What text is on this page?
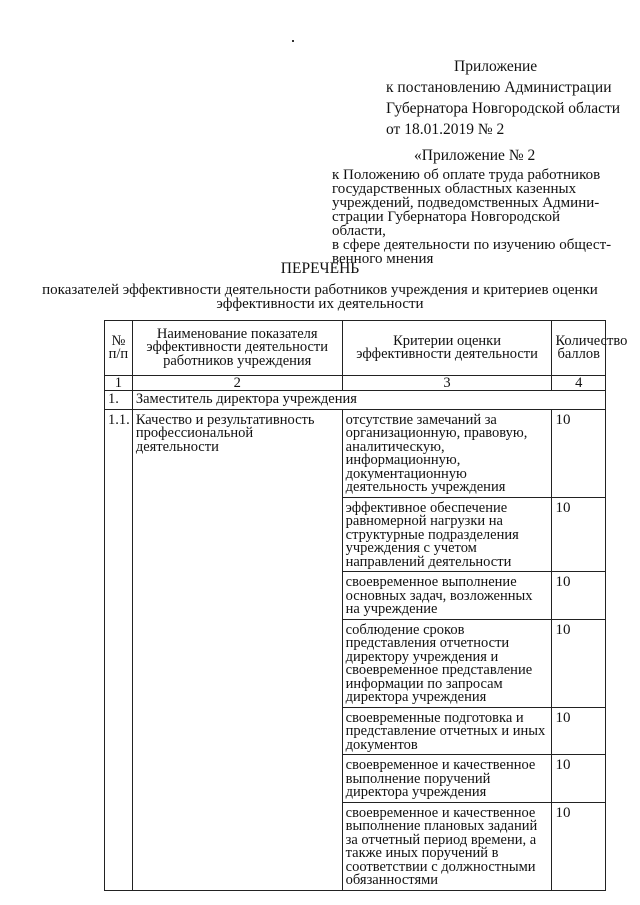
Приложение
к постановлению Администрации
Губернатора Новгородской области
от 18.01.2019 № 2
«Приложение № 2
к Положению об оплате труда работников
государственных областных казенных
учреждений, подведомственных Админи-
страции Губернатора Новгородской области,
в сфере деятельности по изучению общест-
венного мнения
ПЕРЕЧЕНЬ
показателей эффективности деятельности работников учреждения и критериев оценки эффективности их деятельности
№ п/п	Наименование показателя эффективности деятельности работников учреждения	Критерии оценки эффективности деятельности	Количество баллов
1	2	3	4
1.	Заместитель директора учреждения		
1.1.	Качество и результативность профессиональной деятельности	отсутствие замечаний за организационную, правовую, аналитическую, информационную, документационную деятельность учреждения	10
		эффективное обеспечение равномерной нагрузки на структурные подразделения учреждения с учетом направлений деятельности	10
		своевременное выполнение основных задач, возложенных на учреждение	10
		соблюдение сроков представления отчетности директору учреждения и своевременное представление информации по запросам директора учреждения	10
		своевременные подготовка и представление отчетных и иных документов	10
		своевременное и качественное выполнение поручений директора учреждения	10
		своевременное и качественное выполнение плановых заданий за отчетный период времени, а также иных поручений в соответствии с должностными обязанностями	10
